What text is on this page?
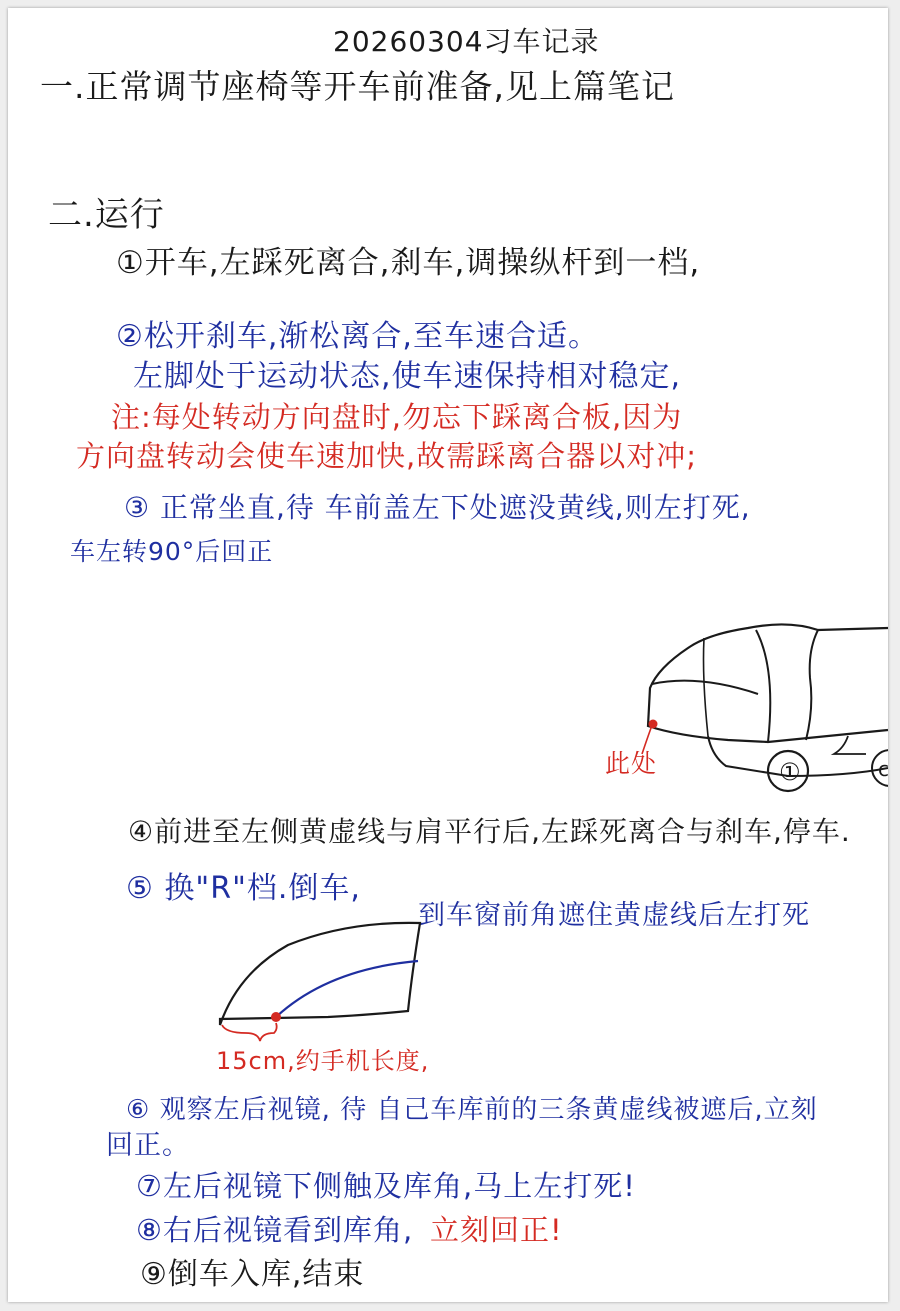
20260304习车记录
一.正常调节座椅等开车前准备,见上篇笔记
二.运行
①开车,左踩死离合,刹车,调操纵杆到一档,
②松开刹车,渐松离合,至车速合适。
左脚处于运动状态,使车速保持相对稳定,
注:每处转动方向盘时,勿忘下踩离合板,因为
方向盘转动会使车速加快,故需踩离合器以对冲;
③ 正常坐直,待 车前盖左下处遮没黄线,则左打死,
车左转90°后回正
①	c
此处
④前进至左侧黄虚线与肩平行后,左踩死离合与刹车,停车.
⑤ 换"R"档.倒车,
到车窗前角遮住黄虚线后左打死
15cm,约手机长度,
⑥ 观察左后视镜, 待 自己车库前的三条黄虚线被遮后,立刻
回正。
⑦左后视镜下侧触及库角,马上左打死!
⑧右后视镜看到库角, 立刻回正!
⑨倒车入库,结束
